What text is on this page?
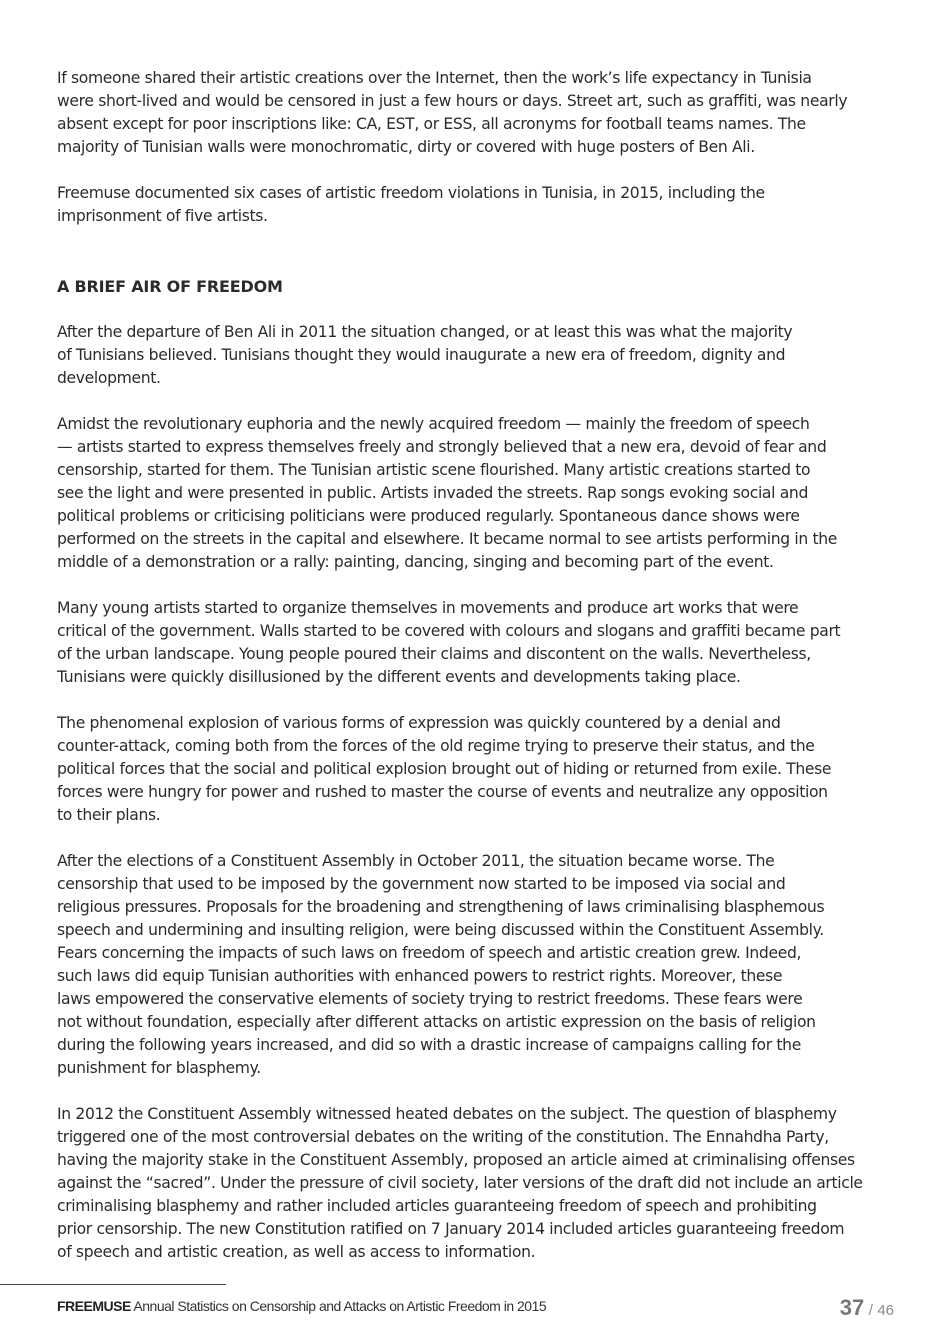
If someone shared their artistic creations over the Internet, then the work’s life expectancy in Tunisia
were short-lived and would be censored in just a few hours or days. Street art, such as graffiti, was nearly
absent except for poor inscriptions like: CA, EST, or ESS, all acronyms for football teams names. The
majority of Tunisian walls were monochromatic, dirty or covered with huge posters of Ben Ali.
Freemuse documented six cases of artistic freedom violations in Tunisia, in 2015, including the
imprisonment of five artists.
A BRIEF AIR OF FREEDOM
After the departure of Ben Ali in 2011 the situation changed, or at least this was what the majority
of Tunisians believed. Tunisians thought they would inaugurate a new era of freedom, dignity and
development.
Amidst the revolutionary euphoria and the newly acquired freedom — mainly the freedom of speech
— artists started to express themselves freely and strongly believed that a new era, devoid of fear and
censorship, started for them. The Tunisian artistic scene flourished. Many artistic creations started to
see the light and were presented in public. Artists invaded the streets. Rap songs evoking social and
political problems or criticising politicians were produced regularly. Spontaneous dance shows were
performed on the streets in the capital and elsewhere. It became normal to see artists performing in the
middle of a demonstration or a rally: painting, dancing, singing and becoming part of the event.
Many young artists started to organize themselves in movements and produce art works that were
critical of the government. Walls started to be covered with colours and slogans and graffiti became part
of the urban landscape. Young people poured their claims and discontent on the walls. Nevertheless,
Tunisians were quickly disillusioned by the different events and developments taking place.
The phenomenal explosion of various forms of expression was quickly countered by a denial and
counter-attack, coming both from the forces of the old regime trying to preserve their status, and the
political forces that the social and political explosion brought out of hiding or returned from exile. These
forces were hungry for power and rushed to master the course of events and neutralize any opposition
to their plans.
After the elections of a Constituent Assembly in October 2011, the situation became worse. The
censorship that used to be imposed by the government now started to be imposed via social and
religious pressures. Proposals for the broadening and strengthening of laws criminalising blasphemous
speech and undermining and insulting religion, were being discussed within the Constituent Assembly.
Fears concerning the impacts of such laws on freedom of speech and artistic creation grew. Indeed,
such laws did equip Tunisian authorities with enhanced powers to restrict rights. Moreover, these
laws empowered the conservative elements of society trying to restrict freedoms. These fears were
not without foundation, especially after different attacks on artistic expression on the basis of religion
during the following years increased, and did so with a drastic increase of campaigns calling for the
punishment for blasphemy.
In 2012 the Constituent Assembly witnessed heated debates on the subject. The question of blasphemy
triggered one of the most controversial debates on the writing of the constitution. The Ennahdha Party,
having the majority stake in the Constituent Assembly, proposed an article aimed at criminalising offenses
against the “sacred”. Under the pressure of civil society, later versions of the draft did not include an article
criminalising blasphemy and rather included articles guaranteeing freedom of speech and prohibiting
prior censorship. The new Constitution ratified on 7 January 2014 included articles guaranteeing freedom
of speech and artistic creation, as well as access to information.
FREEMUSE Annual Statistics on Censorship and Attacks on Artistic Freedom in 2015	37 / 46
